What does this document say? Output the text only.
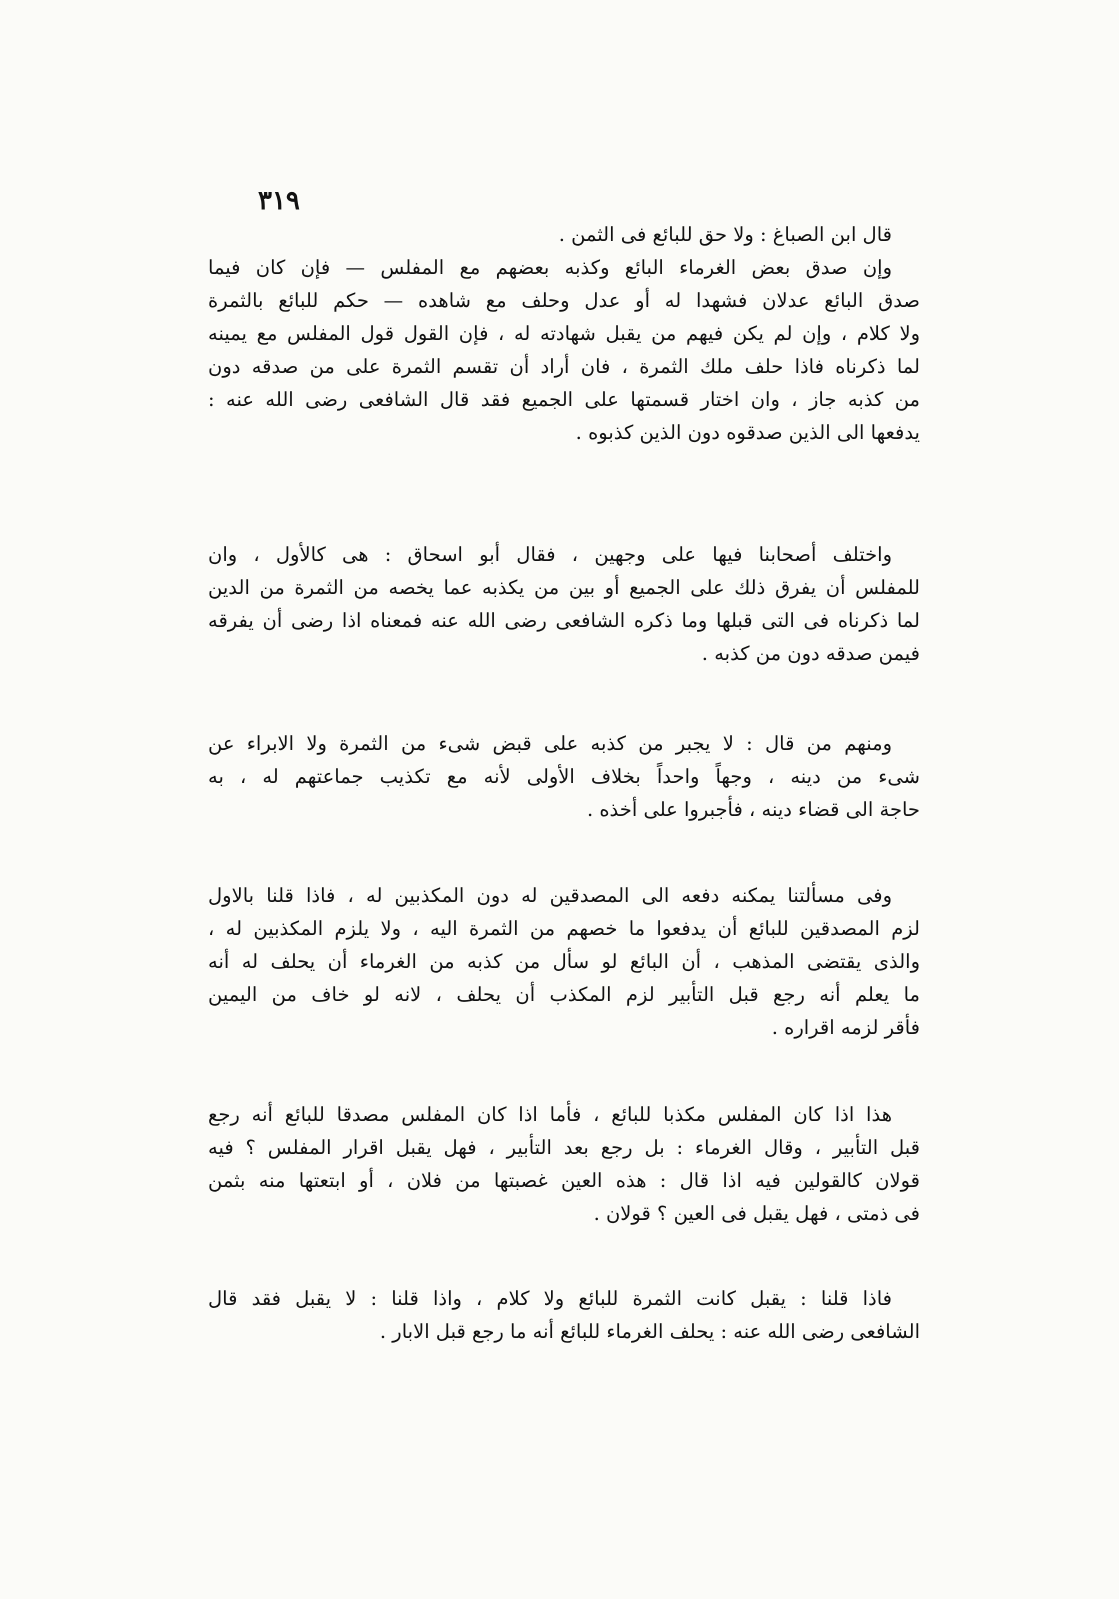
٣١٩
قال ابن الصباغ : ولا حق للبائع فى الثمن .
وإن صدق بعض الغرماء البائع وكذبه بعضهم مع المفلس — فإن كان فيما
صدق البائع عدلان فشهدا له أو عدل وحلف مع شاهده — حكم للبائع بالثمرة
ولا كلام ، وإن لم يكن فيهم من يقبل شهادته له ، فإن القول قول المفلس مع يمينه
لما ذكرناه فاذا حلف ملك الثمرة ، فان أراد أن تقسم الثمرة على من صدقه دون
من كذبه جاز ، وان اختار قسمتها على الجميع فقد قال الشافعى رضى الله عنه :
يدفعها الى الذين صدقوه دون الذين كذبوه .
واختلف أصحابنا فيها على وجهين ، فقال أبو اسحاق : هى كالأول ، وان
للمفلس أن يفرق ذلك على الجميع أو بين من يكذبه عما يخصه من الثمرة من الدين
لما ذكرناه فى التى قبلها وما ذكره الشافعى رضى الله عنه فمعناه اذا رضى أن يفرقه
فيمن صدقه دون من كذبه .
ومنهم من قال : لا يجبر من كذبه على قبض شىء من الثمرة ولا الابراء عن
شىء من دينه ، وجهاً واحداً بخلاف الأولى لأنه مع تكذيب جماعتهم له ، به
حاجة الى قضاء دينه ، فأجبروا على أخذه .
وفى مسألتنا يمكنه دفعه الى المصدقين له دون المكذبين له ، فاذا قلنا بالاول
لزم المصدقين للبائع أن يدفعوا ما خصهم من الثمرة اليه ، ولا يلزم المكذبين له ،
والذى يقتضى المذهب ، أن البائع لو سأل من كذبه من الغرماء أن يحلف له أنه
ما يعلم أنه رجع قبل التأبير لزم المكذب أن يحلف ، لانه لو خاف من اليمين
فأقر لزمه اقراره .
هذا اذا كان المفلس مكذبا للبائع ، فأما اذا كان المفلس مصدقا للبائع أنه رجع
قبل التأبير ، وقال الغرماء : بل رجع بعد التأبير ، فهل يقبل اقرار المفلس ؟ فيه
قولان كالقولين فيه اذا قال : هذه العين غصبتها من فلان ، أو ابتعتها منه بثمن
فى ذمتى ، فهل يقبل فى العين ؟ قولان .
فاذا قلنا : يقبل كانت الثمرة للبائع ولا كلام ، واذا قلنا : لا يقبل فقد قال
الشافعى رضى الله عنه : يحلف الغرماء للبائع أنه ما رجع قبل الابار .
